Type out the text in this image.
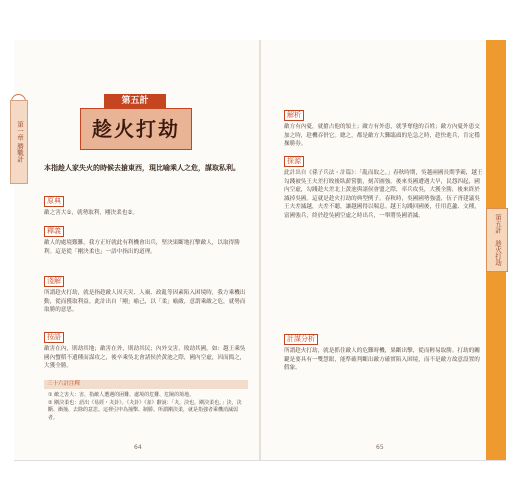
第一章 勝戰計
第五計
趁火打劫
本指趁人家失火的時候去搶東西，現比喻乘人之危，謀取私利。
原典
敵之害大①，就勢取利，剛決柔也②。
釋義
敵人的處境艱難，我方正好就此有利機會出兵，堅決果斷地打擊敵人，以取得勝利。這是從「剛決柔也」一語中指出的道理。
淺解
所謂趁火打劫，就是指趁敵人因天災、人禍、政亂等因素陷入困境時，我方乘機出動，從而獲取利益。此計出自「剛」喻己，以「柔」喻敵，意謂乘敵之危，就勢而取勝的意思。
按語
敵害在內，則劫其地；敵害在外，則劫其民；內外交害，敗劫其國。如：越王乘吳國內蟹稻不遺種而謀攻之，後卒乘吳北會諸侯於黃池之際，國內空虛，因而搗之，大獲全勝。
三十六計注釋
① 敵之害大：害，指敵人遭遇的困難、處境的危難、危險的境地。
② 剛決柔也：語出《易經・夬卦》。《夬卦》《彖》辭說：「夬，決也，剛決柔也。」決，決斷、衝撞、去除的意思。這裡引申為撞擊、制勝。所謂剛決柔，就是指強者乘機消滅弱者。
64
解析
敵方有內憂，就搶占他的領土；敵方有外患，就爭奪他的百姓；敵方內憂外患交加之時，趁機吞併它。總之，都是敵方大難臨頭的危急之時，趁快進兵，肯定穩操勝券。
探源
此計出自《孫子兵法・計篇》：「亂而取之。」春秋時期，吳越兩國長期爭霸，越王勾踐被吳王夫差打敗後臥薪嘗膽，刻苦圖強。後來吳國遭遇大旱，民怨四起，國內空虛，勾踐趁夫差北上黃池與諸侯會盟之際，率兵攻吳，大獲全勝，後來終於滅掉吳國。這就是趁火打劫的典型例子。春秋時，吳國國勢強盛，伍子胥建議吳王夫差滅越，夫差不聽，讓越國得以喘息。越王勾踐回國後，任用范蠡、文種，富國強兵，終於趁吳國空虛之時出兵，一舉將吳國消滅。
計謀分析
所謂趁火打劫，就是抓住敵人的危難時機，果斷出擊，從而輕易取勝。打劫的關鍵是要具有一雙慧眼，能準確判斷出敵方確實陷入困境，而不是敵方故意設置的假象。
65
第五計　趁火打劫
